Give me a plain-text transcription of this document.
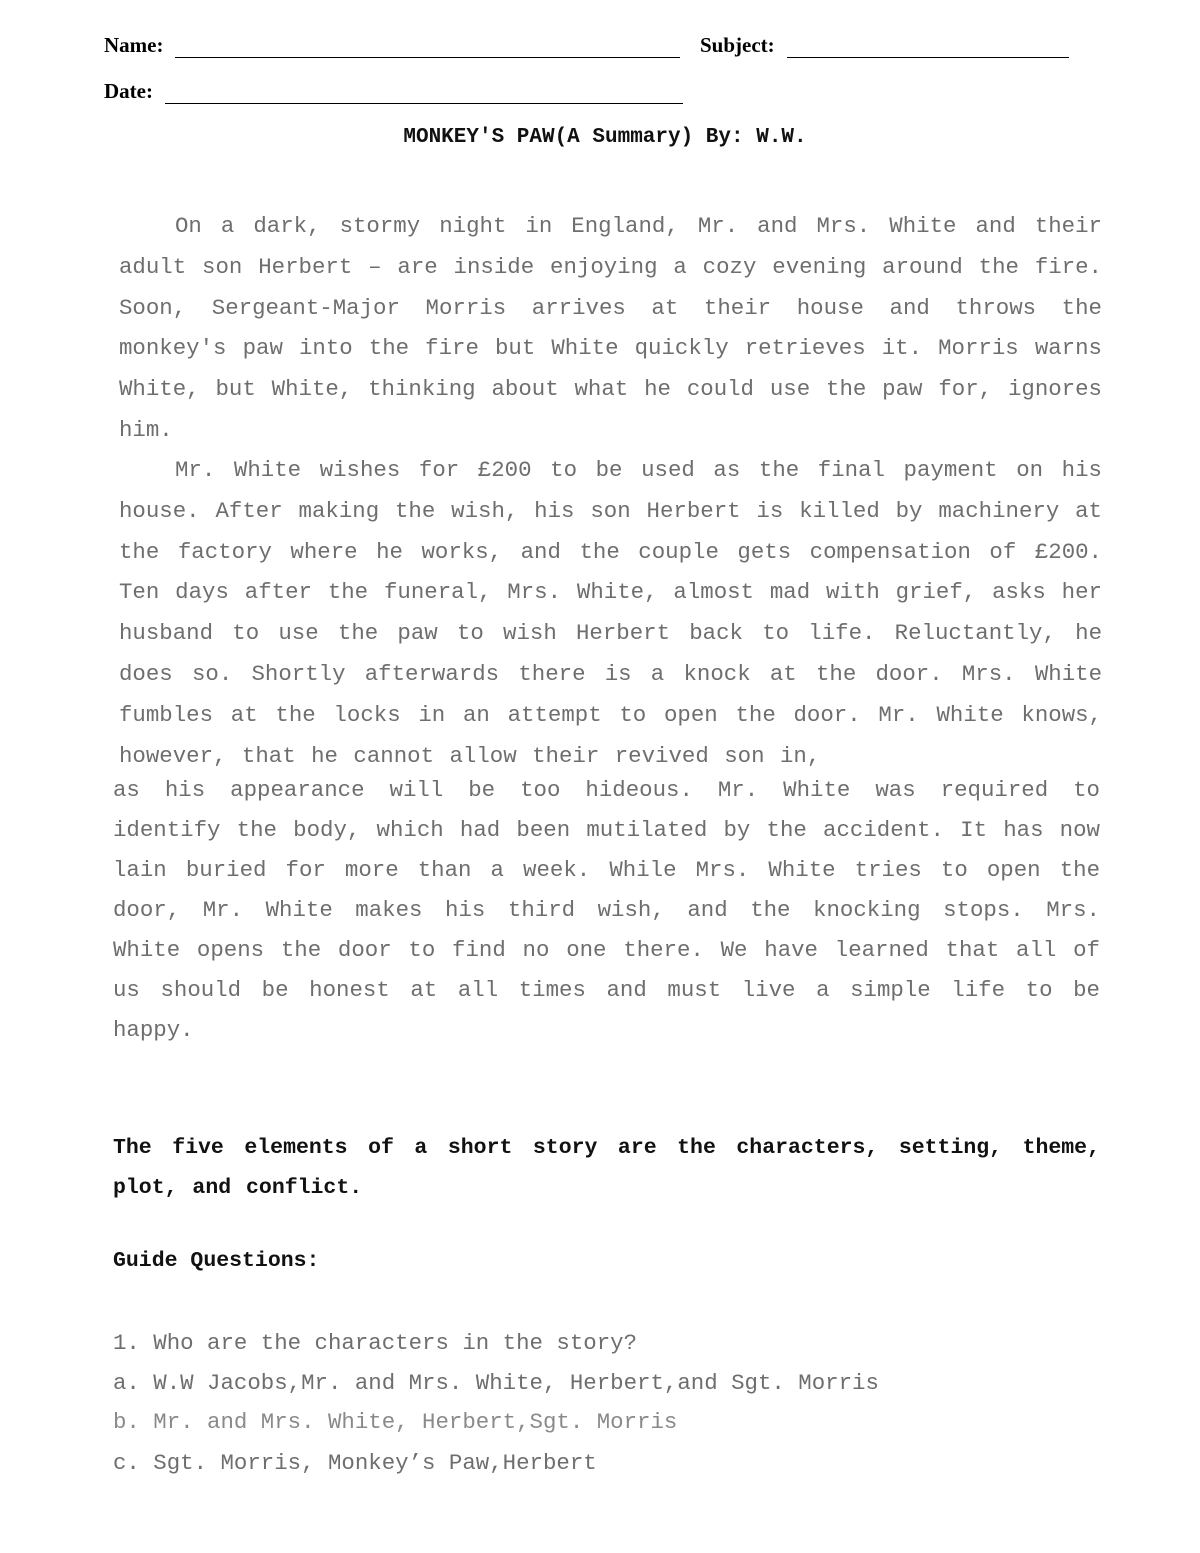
Name:	Subject:
Date:
MONKEY'S PAW(A Summary) By: W.W.

On a dark, stormy night in England, Mr. and Mrs. White and their adult son Herbert – are inside enjoying a cozy evening around the fire. Soon, Sergeant-Major Morris arrives at their house and throws the monkey's paw into the fire but White quickly retrieves it. Morris warns White, but White, thinking about what he could use the paw for, ignores him.

Mr. White wishes for £200 to be used as the final payment on his house. After making the wish, his son Herbert is killed by machinery at the factory where he works, and the couple gets compensation of £200. Ten days after the funeral, Mrs. White, almost mad with grief, asks her husband to use the paw to wish Herbert back to life. Reluctantly, he does so. Shortly afterwards there is a knock at the door. Mrs. White fumbles at the locks in an attempt to open the door. Mr. White knows, however, that he cannot allow their revived son in,

as his appearance will be too hideous. Mr. White was required to identify the body, which had been mutilated by the accident. It has now lain buried for more than a week. While Mrs. White tries to open the door, Mr. White makes his third wish, and the knocking stops. Mrs. White opens the door to find no one there. We have learned that all of us should be honest at all times and must live a simple life to be happy.

The five elements of a short story are the characters, setting, theme, plot, and conflict.

Guide Questions:

1. Who are the characters in the story?

a. W.W Jacobs,Mr. and Mrs. White, Herbert,and Sgt. Morris

b. Mr. and Mrs. White, Herbert,Sgt. Morris

c. Sgt. Morris, Monkey’s Paw,Herbert
